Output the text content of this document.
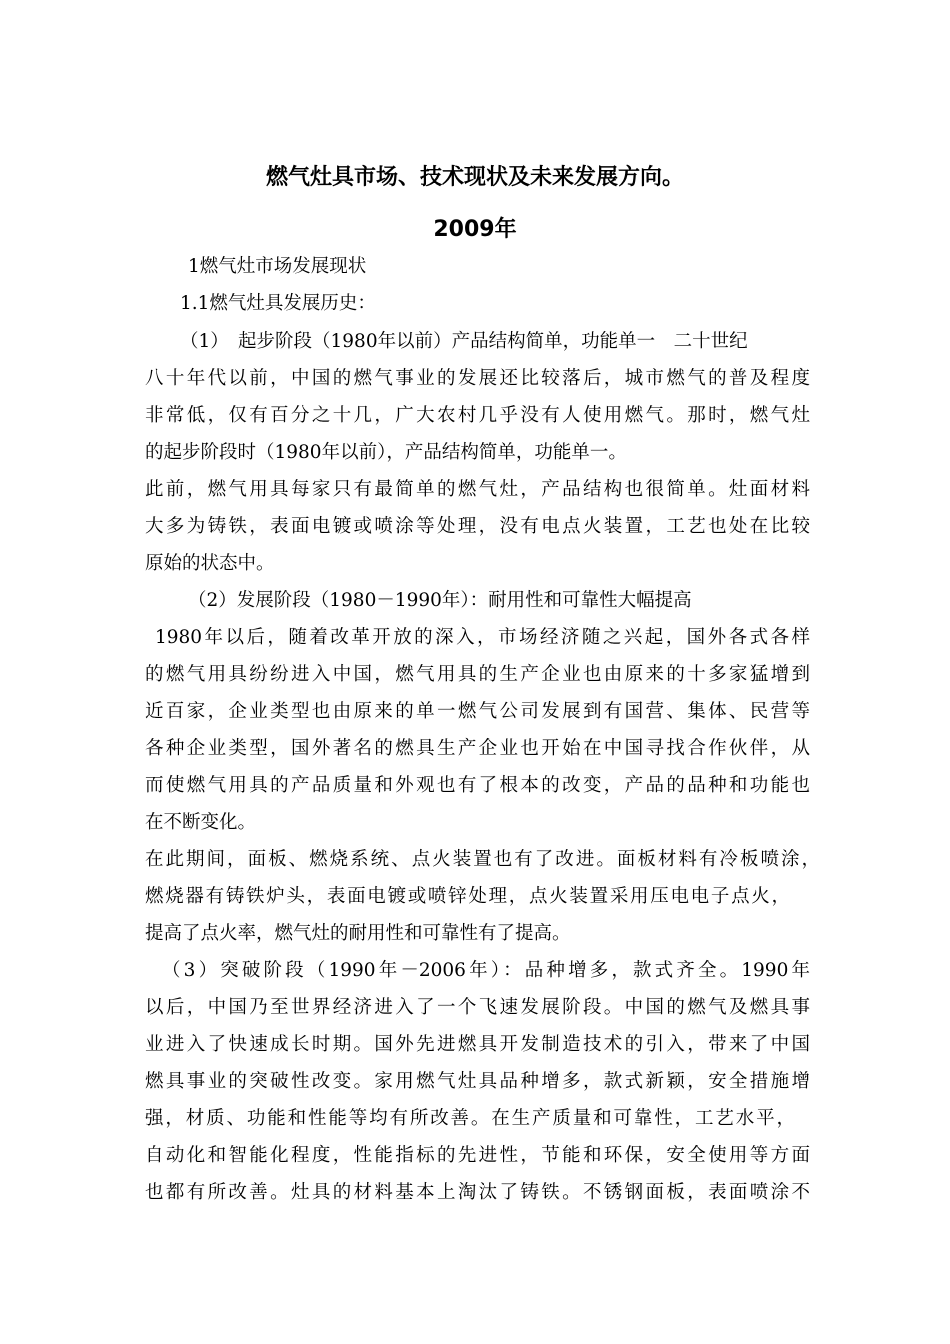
燃气灶具市场、技术现状及未来发展方向。
2009年
1燃气灶市场发展现状
1.1燃气灶具发展历史：
（1）　起步阶段（1980年以前）产品结构简单，功能单一　二十世纪
八十年代以前，中国的燃气事业的发展还比较落后，城市燃气的普及程度
非常低，仅有百分之十几，广大农村几乎没有人使用燃气。那时，燃气灶
的起步阶段时（1980年以前），产品结构简单，功能单一。
此前，燃气用具每家只有最简单的燃气灶，产品结构也很简单。灶面材料
大多为铸铁，表面电镀或喷涂等处理，没有电点火装置，工艺也处在比较
原始的状态中。
（2）发展阶段（1980－1990年）：耐用性和可靠性大幅提高
1980年以后，随着改革开放的深入，市场经济随之兴起，国外各式各样
的燃气用具纷纷进入中国，燃气用具的生产企业也由原来的十多家猛增到
近百家，企业类型也由原来的单一燃气公司发展到有国营、集体、民营等
各种企业类型，国外著名的燃具生产企业也开始在中国寻找合作伙伴，从
而使燃气用具的产品质量和外观也有了根本的改变，产品的品种和功能也
在不断变化。
在此期间，面板、燃烧系统、点火装置也有了改进。面板材料有冷板喷涂，
燃烧器有铸铁炉头，表面电镀或喷锌处理，点火装置采用压电电子点火，
提高了点火率，燃气灶的耐用性和可靠性有了提高。
（3）突破阶段（1990年－2006年）：品种增多，款式齐全。1990年
以后，中国乃至世界经济进入了一个飞速发展阶段。中国的燃气及燃具事
业进入了快速成长时期。国外先进燃具开发制造技术的引入，带来了中国
燃具事业的突破性改变。家用燃气灶具品种增多，款式新颖，安全措施增
强，材质、功能和性能等均有所改善。在生产质量和可靠性，工艺水平，
自动化和智能化程度，性能指标的先进性，节能和环保，安全使用等方面
也都有所改善。灶具的材料基本上淘汰了铸铁。不锈钢面板，表面喷涂不
